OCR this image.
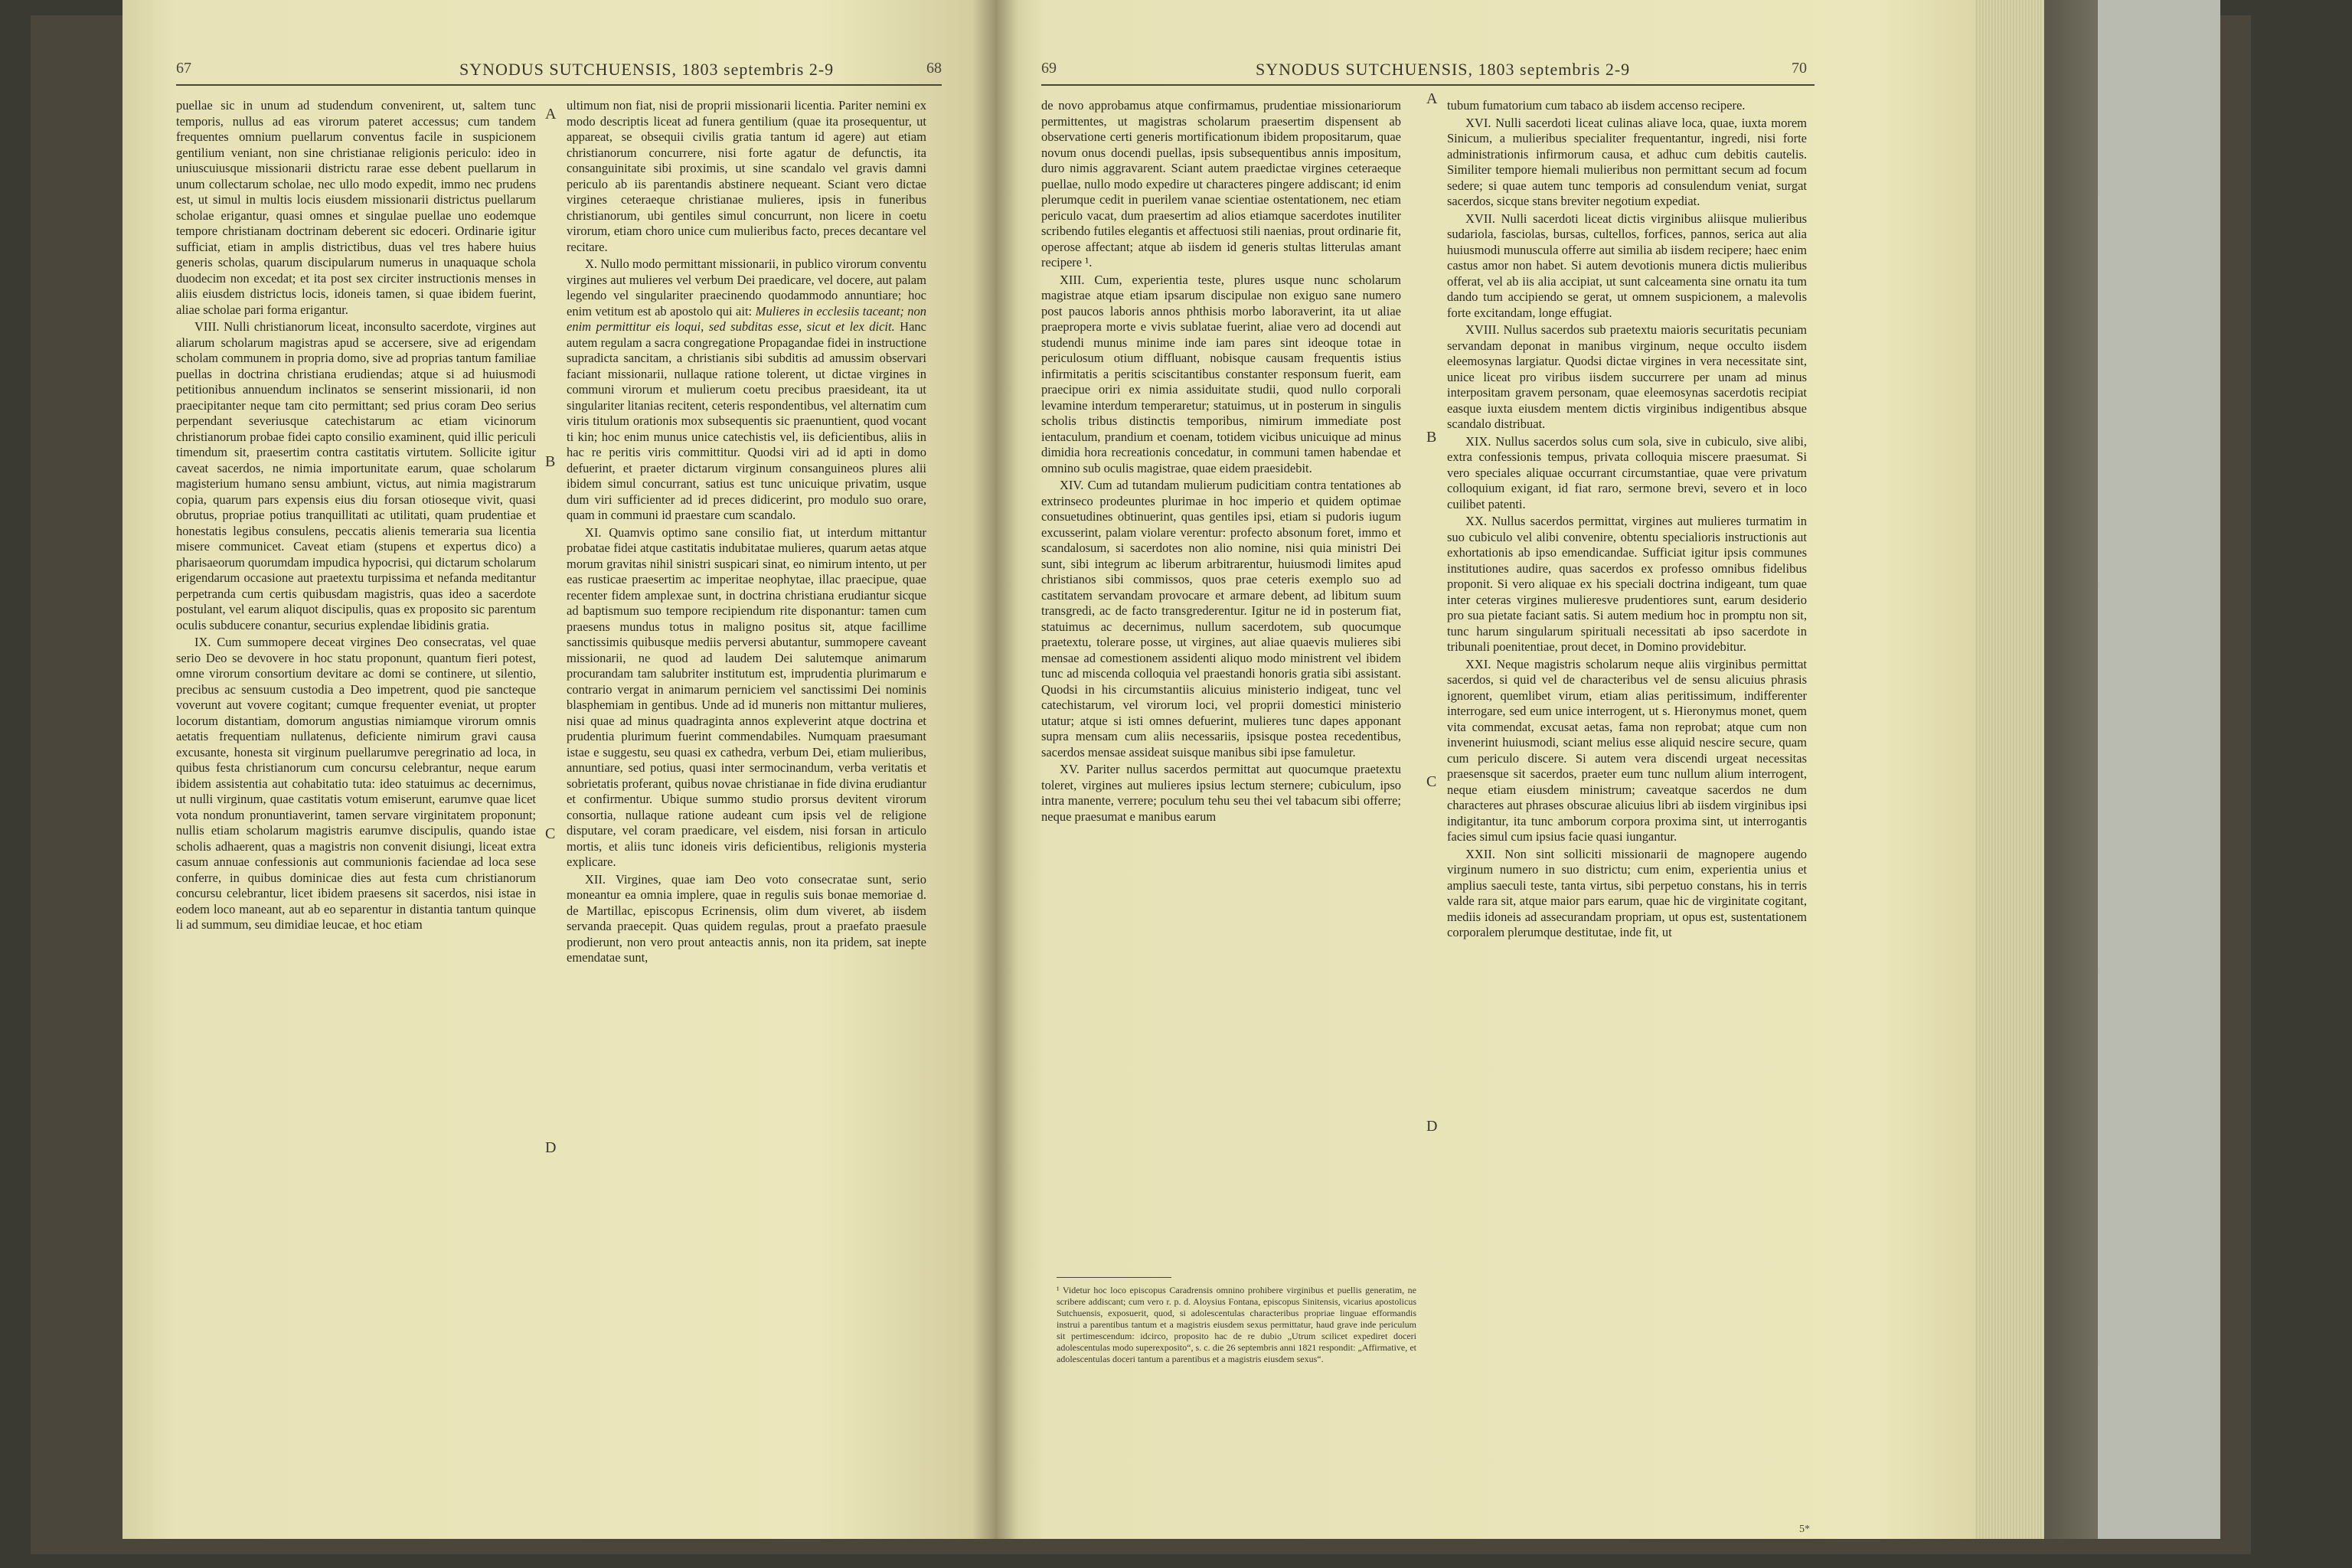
67	SYNODUS SUTCHUENSIS, 1803 septembris 2-9	68

puellae sic in unum ad studendum convenirent, ut, saltem tunc temporis, nullus ad eas virorum pateret accessus; cum tandem frequentes omnium puellarum conventus facile in suspicionem gentilium veniant, non sine christianae religionis periculo: ideo in uniuscuiusque missionarii districtu rarae esse debent puellarum in unum collectarum scholae, nec ullo modo expedit, immo nec prudens est, ut simul in multis locis eiusdem missionarii districtus puellarum scholae erigantur, quasi omnes et singulae puellae uno eodemque tempore christianam doctrinam deberent sic edoceri. Ordinarie igitur sufficiat, etiam in amplis districtibus, duas vel tres habere huius generis scholas, quarum discipularum numerus in unaquaque schola duodecim non excedat; et ita post sex circiter instructionis menses in aliis eiusdem districtus locis, idoneis tamen, si quae ibidem fuerint, aliae scholae pari forma erigantur.

VIII. Nulli christianorum liceat, inconsulto sacerdote, virgines aut aliarum scholarum magistras apud se accersere, sive ad erigendam scholam communem in propria domo, sive ad proprias tantum familiae puellas in doctrina christiana erudiendas; atque si ad huiusmodi petitionibus annuendum inclinatos se senserint missionarii, id non praecipitanter neque tam cito permittant; sed prius coram Deo serius perpendant severiusque catechistarum ac etiam vicinorum christianorum probae fidei capto consilio examinent, quid illic periculi timendum sit, praesertim contra castitatis virtutem. Sollicite igitur caveat sacerdos, ne nimia importunitate earum, quae scholarum magisterium humano sensu ambiunt, victus, aut nimia magistrarum copia, quarum pars expensis eius diu forsan otioseque vivit, quasi obrutus, propriae potius tranquillitati ac utilitati, quam prudentiae et honestatis legibus consulens, peccatis alienis temeraria sua licentia misere communicet. Caveat etiam (stupens et expertus dico) a pharisaeorum quorumdam impudica hypocrisi, qui dictarum scholarum erigendarum occasione aut praetextu turpissima et nefanda meditantur perpetranda cum certis quibusdam magistris, quas ideo a sacerdote postulant, vel earum aliquot discipulis, quas ex proposito sic parentum oculis subducere conantur, securius explendae libidinis gratia.

IX. Cum summopere deceat virgines Deo consecratas, vel quae serio Deo se devovere in hoc statu proponunt, quantum fieri potest, omne virorum consortium devitare ac domi se continere, ut silentio, precibus ac sensuum custodia a Deo impetrent, quod pie sancteque voverunt aut vovere cogitant; cumque frequenter eveniat, ut propter locorum distantiam, domorum angustias nimiamque virorum omnis aetatis frequentiam nullatenus, deficiente nimirum gravi causa excusante, honesta sit virginum puellarumve peregrinatio ad loca, in quibus festa christianorum cum concursu celebrantur, neque earum ibidem assistentia aut cohabitatio tuta: ideo statuimus ac decernimus, ut nulli virginum, quae castitatis votum emiserunt, earumve quae licet vota nondum pronuntiaverint, tamen servare virginitatem proponunt; nullis etiam scholarum magistris earumve discipulis, quando istae scholis adhaerent, quas a magistris non convenit disiungi, liceat extra casum annuae confessionis aut communionis faciendae ad loca sese conferre, in quibus dominicae dies aut festa cum christianorum concursu celebrantur, licet ibidem praesens sit sacerdos, nisi istae in eodem loco maneant, aut ab eo separentur in distantia tantum quinque li ad summum, seu dimidiae leucae, et hoc etiam

ultimum non fiat, nisi de proprii missionarii licentia. Pariter nemini ex modo descriptis liceat ad funera gentilium (quae ita prosequentur, ut appareat, se obsequii civilis gratia tantum id agere) aut etiam christianorum concurrere, nisi forte agatur de defunctis, ita consanguinitate sibi proximis, ut sine scandalo vel gravis damni periculo ab iis parentandis abstinere nequeant. Sciant vero dictae virgines ceteraeque christianae mulieres, ipsis in funeribus christianorum, ubi gentiles simul concurrunt, non licere in coetu virorum, etiam choro unice cum mulieribus facto, preces decantare vel recitare.

X. Nullo modo permittant missionarii, in publico virorum conventu virgines aut mulieres vel verbum Dei praedicare, vel docere, aut palam legendo vel singulariter praecinendo quodammodo annuntiare; hoc enim vetitum est ab apostolo qui ait: Mulieres in ecclesiis taceant; non enim permittitur eis loqui, sed subditas esse, sicut et lex dicit. Hanc autem regulam a sacra congregatione Propagandae fidei in instructione supradicta sancitam, a christianis sibi subditis ad amussim observari faciant missionarii, nullaque ratione tolerent, ut dictae virgines in communi virorum et mulierum coetu precibus praesideant, ita ut singulariter litanias recitent, ceteris respondentibus, vel alternatim cum viris titulum orationis mox subsequentis sic praenuntient, quod vocant ti kin; hoc enim munus unice catechistis vel, iis deficientibus, aliis in hac re peritis viris committitur. Quodsi viri ad id apti in domo defuerint, et praeter dictarum virginum consanguineos plures alii ibidem simul concurrant, satius est tunc unicuique privatim, usque dum viri sufficienter ad id preces didicerint, pro modulo suo orare, quam in communi id praestare cum scandalo.

XI. Quamvis optimo sane consilio fiat, ut interdum mittantur probatae fidei atque castitatis indubitatae mulieres, quarum aetas atque morum gravitas nihil sinistri suspicari sinat, eo nimirum intento, ut per eas rusticae praesertim ac imperitae neophytae, illac praecipue, quae recenter fidem amplexae sunt, in doctrina christiana erudiantur sicque ad baptismum suo tempore recipiendum rite disponantur: tamen cum praesens mundus totus in maligno positus sit, atque facillime sanctissimis quibusque mediis perversi abutantur, summopere caveant missionarii, ne quod ad laudem Dei salutemque animarum procurandam tam salubriter institutum est, imprudentia plurimarum e contrario vergat in animarum perniciem vel sanctissimi Dei nominis blasphemiam in gentibus. Unde ad id muneris non mittantur mulieres, nisi quae ad minus quadraginta annos expleverint atque doctrina et prudentia plurimum fuerint commendabiles. Numquam praesumant istae e suggestu, seu quasi ex cathedra, verbum Dei, etiam mulieribus, annuntiare, sed potius, quasi inter sermocinandum, verba veritatis et sobrietatis proferant, quibus novae christianae in fide divina erudiantur et confirmentur. Ubique summo studio prorsus devitent virorum consortia, nullaque ratione audeant cum ipsis vel de religione disputare, vel coram praedicare, vel eisdem, nisi forsan in articulo mortis, et aliis tunc idoneis viris deficientibus, religionis mysteria explicare.

XII. Virgines, quae iam Deo voto consecratae sunt, serio moneantur ea omnia implere, quae in regulis suis bonae memoriae d. de Martillac, episcopus Ecrinensis, olim dum viveret, ab iisdem servanda praecepit. Quas quidem regulas, prout a praefato praesule prodierunt, non vero prout anteactis annis, non ita pridem, sat inepte emendatae sunt,

A
B
C
D
69	SYNODUS SUTCHUENSIS, 1803 septembris 2-9	70

de novo approbamus atque confirmamus, prudentiae missionariorum permittentes, ut magistras scholarum praesertim dispensent ab observatione certi generis mortificationum ibidem propositarum, quae novum onus docendi puellas, ipsis subsequentibus annis impositum, duro nimis aggravarent. Sciant autem praedictae virgines ceteraeque puellae, nullo modo expedire ut characteres pingere addiscant; id enim plerumque cedit in puerilem vanae scientiae ostentationem, nec etiam periculo vacat, dum praesertim ad alios etiamque sacerdotes inutiliter scribendo futiles elegantis et affectuosi stili naenias, prout ordinarie fit, operose affectant; atque ab iisdem id generis stultas litterulas amant recipere ¹.

XIII. Cum, experientia teste, plures usque nunc scholarum magistrae atque etiam ipsarum discipulae non exiguo sane numero post paucos laboris annos phthisis morbo laboraverint, ita ut aliae praepropera morte e vivis sublatae fuerint, aliae vero ad docendi aut studendi munus minime inde iam pares sint ideoque totae in periculosum otium diffluant, nobisque causam frequentis istius infirmitatis a peritis sciscitantibus constanter responsum fuerit, eam praecipue oriri ex nimia assiduitate studii, quod nullo corporali levamine interdum temperaretur; statuimus, ut in posterum in singulis scholis tribus distinctis temporibus, nimirum immediate post ientaculum, prandium et coenam, totidem vicibus unicuique ad minus dimidia hora recreationis concedatur, in communi tamen habendae et omnino sub oculis magistrae, quae eidem praesidebit.

XIV. Cum ad tutandam mulierum pudicitiam contra tentationes ab extrinseco prodeuntes plurimae in hoc imperio et quidem optimae consuetudines obtinuerint, quas gentiles ipsi, etiam si pudoris iugum excusserint, palam violare verentur: profecto absonum foret, immo et scandalosum, si sacerdotes non alio nomine, nisi quia ministri Dei sunt, sibi integrum ac liberum arbitrarentur, huiusmodi limites apud christianos sibi commissos, quos prae ceteris exemplo suo ad castitatem servandam provocare et armare debent, ad libitum suum transgredi, ac de facto transgrederentur. Igitur ne id in posterum fiat, statuimus ac decernimus, nullum sacerdotem, sub quocumque praetextu, tolerare posse, ut virgines, aut aliae quaevis mulieres sibi mensae ad comestionem assidenti aliquo modo ministrent vel ibidem tunc ad miscenda colloquia vel praestandi honoris gratia sibi assistant. Quodsi in his circumstantiis alicuius ministerio indigeat, tunc vel catechistarum, vel virorum loci, vel proprii domestici ministerio utatur; atque si isti omnes defuerint, mulieres tunc dapes apponant supra mensam cum aliis necessariis, ipsisque postea recedentibus, sacerdos mensae assideat suisque manibus sibi ipse famuletur.

XV. Pariter nullus sacerdos permittat aut quocumque praetextu toleret, virgines aut mulieres ipsius lectum sternere; cubiculum, ipso intra manente, verrere; poculum tehu seu thei vel tabacum sibi offerre; neque praesumat e manibus earum

tubum fumatorium cum tabaco ab iisdem accenso recipere.

XVI. Nulli sacerdoti liceat culinas aliave loca, quae, iuxta morem Sinicum, a mulieribus specialiter frequentantur, ingredi, nisi forte administrationis infirmorum causa, et adhuc cum debitis cautelis. Similiter tempore hiemali mulieribus non permittant secum ad focum sedere; si quae autem tunc temporis ad consulendum veniat, surgat sacerdos, sicque stans breviter negotium expediat.

XVII. Nulli sacerdoti liceat dictis virginibus aliisque mulieribus sudariola, fasciolas, bursas, cultellos, forfices, pannos, serica aut alia huiusmodi munuscula offerre aut similia ab iisdem recipere; haec enim castus amor non habet. Si autem devotionis munera dictis mulieribus offerat, vel ab iis alia accipiat, ut sunt calceamenta sine ornatu ita tum dando tum accipiendo se gerat, ut omnem suspicionem, a malevolis forte excitandam, longe effugiat.

XVIII. Nullus sacerdos sub praetextu maioris securitatis pecuniam servandam deponat in manibus virginum, neque occulto iisdem eleemosynas largiatur. Quodsi dictae virgines in vera necessitate sint, unice liceat pro viribus iisdem succurrere per unam ad minus interpositam gravem personam, quae eleemosynas sacerdotis recipiat easque iuxta eiusdem mentem dictis virginibus indigentibus absque scandalo distribuat.

XIX. Nullus sacerdos solus cum sola, sive in cubiculo, sive alibi, extra confessionis tempus, privata colloquia miscere praesumat. Si vero speciales aliquae occurrant circumstantiae, quae vere privatum colloquium exigant, id fiat raro, sermone brevi, severo et in loco cuilibet patenti.

XX. Nullus sacerdos permittat, virgines aut mulieres turmatim in suo cubiculo vel alibi convenire, obtentu specialioris instructionis aut exhortationis ab ipso emendicandae. Sufficiat igitur ipsis communes institutiones audire, quas sacerdos ex professo omnibus fidelibus proponit. Si vero aliquae ex his speciali doctrina indigeant, tum quae inter ceteras virgines mulieresve prudentiores sunt, earum desiderio pro sua pietate faciant satis. Si autem medium hoc in promptu non sit, tunc harum singularum spirituali necessitati ab ipso sacerdote in tribunali poenitentiae, prout decet, in Domino providebitur.

XXI. Neque magistris scholarum neque aliis virginibus permittat sacerdos, si quid vel de characteribus vel de sensu alicuius phrasis ignorent, quemlibet virum, etiam alias peritissimum, indifferenter interrogare, sed eum unice interrogent, ut s. Hieronymus monet, quem vita commendat, excusat aetas, fama non reprobat; atque cum non invenerint huiusmodi, sciant melius esse aliquid nescire secure, quam cum periculo discere. Si autem vera discendi urgeat necessitas praesensque sit sacerdos, praeter eum tunc nullum alium interrogent, neque etiam eiusdem ministrum; caveatque sacerdos ne dum characteres aut phrases obscurae alicuius libri ab iisdem virginibus ipsi indigitantur, ita tunc amborum corpora proxima sint, ut interrogantis facies simul cum ipsius facie quasi iungantur.

XXII. Non sint solliciti missionarii de magnopere augendo virginum numero in suo districtu; cum enim, experientia unius et amplius saeculi teste, tanta virtus, sibi perpetuo constans, his in terris valde rara sit, atque maior pars earum, quae hic de virginitate cogitant, mediis idoneis ad assecurandam propriam, ut opus est, sustentationem corporalem plerumque destitutae, inde fit, ut

¹ Videtur hoc loco episcopus Caradrensis omnino prohibere virginibus et puellis generatim, ne scribere addiscant; cum vero r. p. d. Aloysius Fontana, episcopus Sinitensis, vicarius apostolicus Sutchuensis, exposuerit, quod, si adolescentulas characteribus propriae linguae efformandis instrui a parentibus tantum et a magistris eiusdem sexus permittatur, haud grave inde periculum sit pertimescendum: idcirco, proposito hac de re dubio „Utrum scilicet expediret doceri adolescentulas modo superexposito“, s. c. die 26 septembris anni 1821 respondit: „Affirmative, et adolescentulas doceri tantum a parentibus et a magistris eiusdem sexus“.
5*
A
B
C
D
